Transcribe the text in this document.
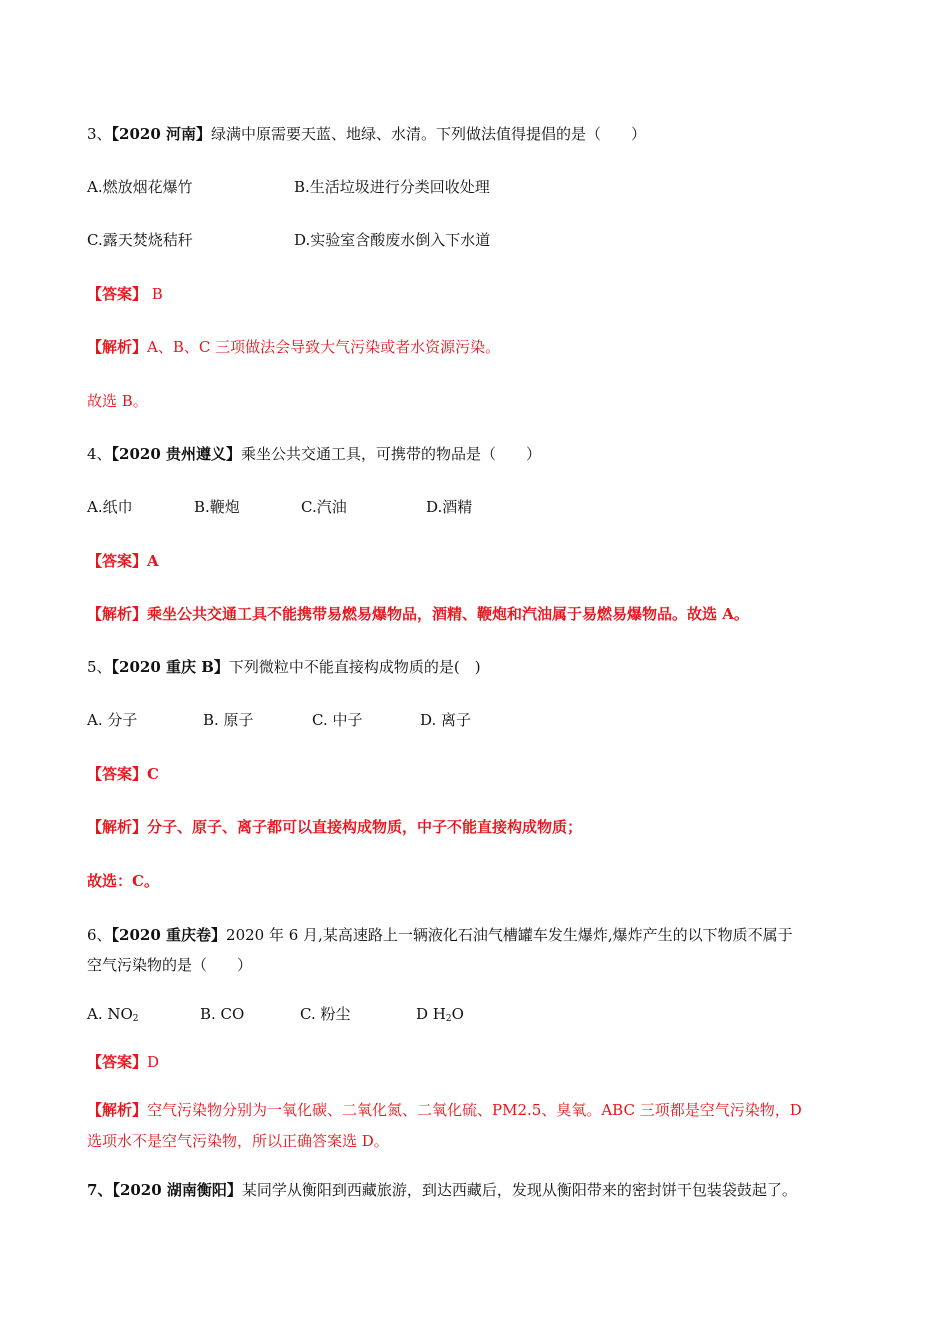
3、【2020 河南】绿满中原需要天蓝、地绿、水清。下列做法值得提倡的是（　　）

A.燃放烟花爆竹	B.生活垃圾进行分类回收处理
C.露天焚烧秸秆	D.实验室含酸废水倒入下水道

【答案】 B

【解析】A、B、C 三项做法会导致大气污染或者水资源污染。

故选 B。

4、【2020 贵州遵义】乘坐公共交通工具，可携带的物品是（　　）

A.纸巾	B.鞭炮	C.汽油	D.酒精

【答案】A

【解析】乘坐公共交通工具不能携带易燃易爆物品，酒精、鞭炮和汽油属于易燃易爆物品。故选 A。

5、【2020 重庆 B】下列微粒中不能直接构成物质的是(　)

A. 分子	B. 原子	C. 中子	D. 离子

【答案】C

【解析】分子、原子、离子都可以直接构成物质，中子不能直接构成物质；

故选：C。

6、【2020 重庆卷】2020 年 6 月,某高速路上一辆液化石油气槽罐车发生爆炸,爆炸产生的以下物质不属于

空气污染物的是（　　）

A. $NO_2$	B. CO	C. 粉尘	D $H_2O$

【答案】D

【解析】空气污染物分别为一氧化碳、二氧化氮、二氧化硫、PM2.5、臭氧。ABC 三项都是空气污染物，D

选项水不是空气污染物，所以正确答案选 D。

7、【2020 湖南衡阳】某同学从衡阳到西藏旅游，到达西藏后，发现从衡阳带来的密封饼干包装袋鼓起了。
